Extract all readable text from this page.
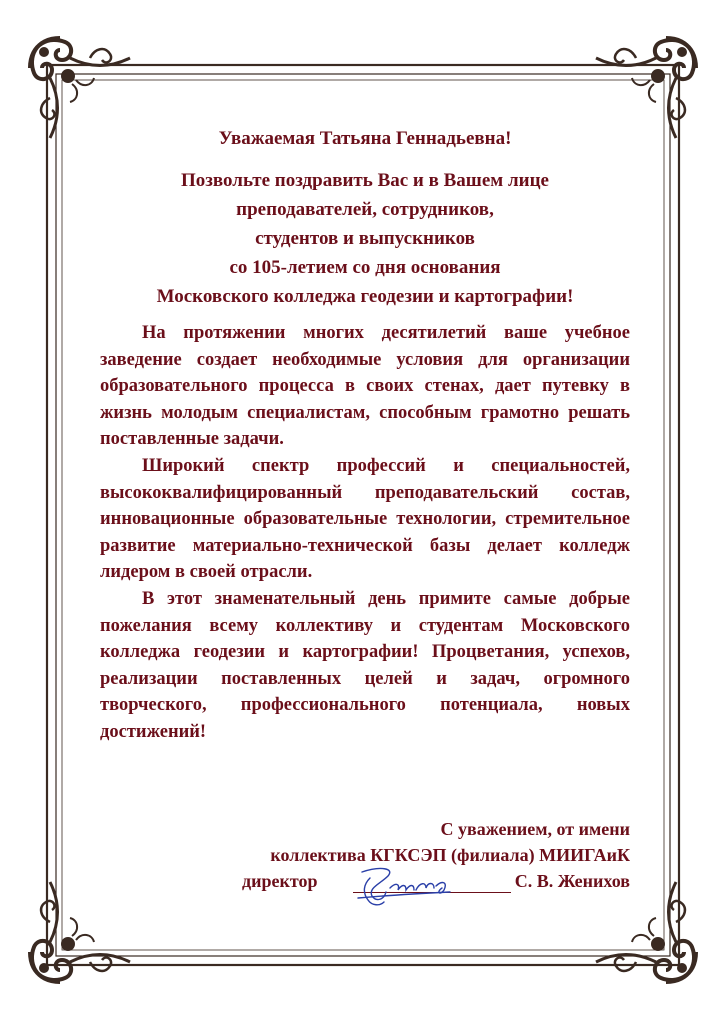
Уважаемая Татьяна Геннадьевна!
Позвольте поздравить Вас и в Вашем лице
преподавателей, сотрудников,
студентов и выпускников
со 105-летием со дня основания
Московского колледжа геодезии и картографии!

На протяжении многих десятилетий ваше учебное заведение создает необходимые условия для организации образовательного процесса в своих стенах, дает путевку в жизнь молодым специалистам, способным грамотно решать поставленные задачи.

Широкий спектр профессий и специальностей, высококвалифицированный преподавательский состав, инновационные образовательные технологии, стремительное развитие материально-технической базы делает колледж лидером в своей отрасли.

В этот знаменательный день примите самые добрые пожелания всему коллективу и студентам Московского колледжа геодезии и картографии! Процветания, успехов, реализации поставленных целей и задач, огромного творческого, профессионального потенциала, новых достижений!

С уважением, от имени
коллектива КГКСЭП (филиала) МИИГАиК
директор	С. В. Женихов
